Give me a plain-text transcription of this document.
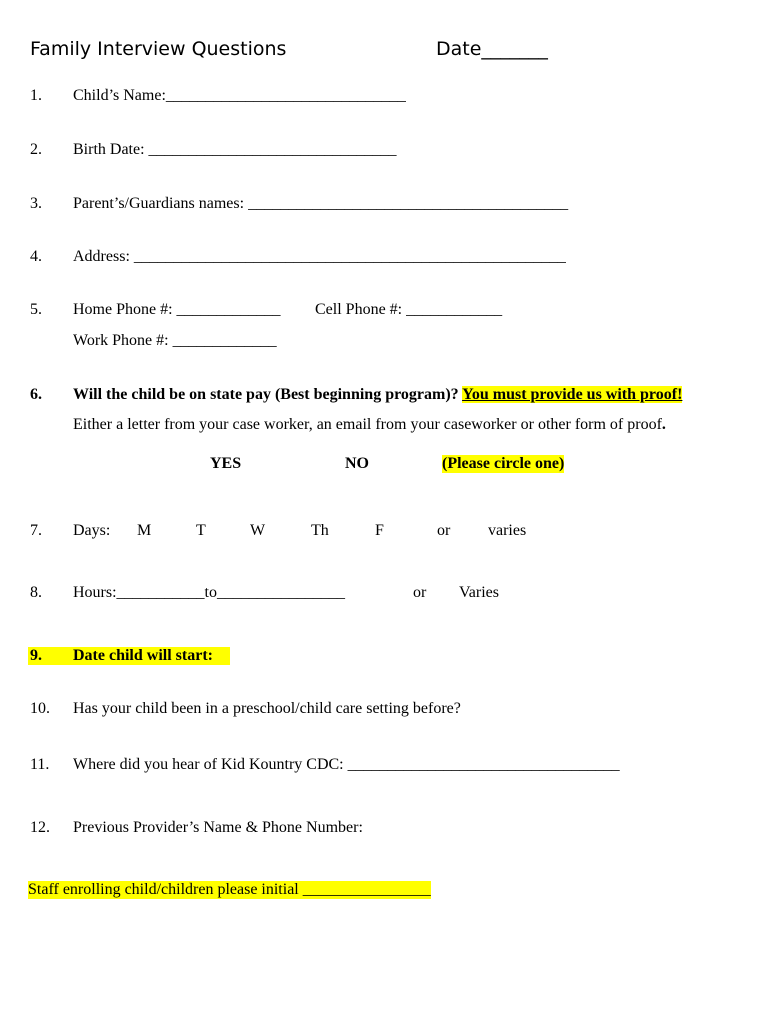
Family Interview Questions	Date_______
1. Child’s Name:______________________________
2. Birth Date: _______________________________
3. Parent’s/Guardians names: ________________________________________
4. Address: ______________________________________________________
5. Home Phone #: _____________ Cell Phone #: ____________
Work Phone #: _____________
6. Will the child be on state pay (Best beginning program)? You must provide us with proof!
Either a letter from your case worker, an email from your caseworker or other form of proof.
YES	NO	(Please circle one)
7. Days: M	T	W	Th	F	or varies
8. Hours:___________to________________	or Varies
9. Date child will start:

10. Has your child been in a preschool/child care setting before?
11. Where did you hear of Kid Kountry CDC: __________________________________
12. Previous Provider’s Name & Phone Number:
Staff enrolling child/children please initial ________________
